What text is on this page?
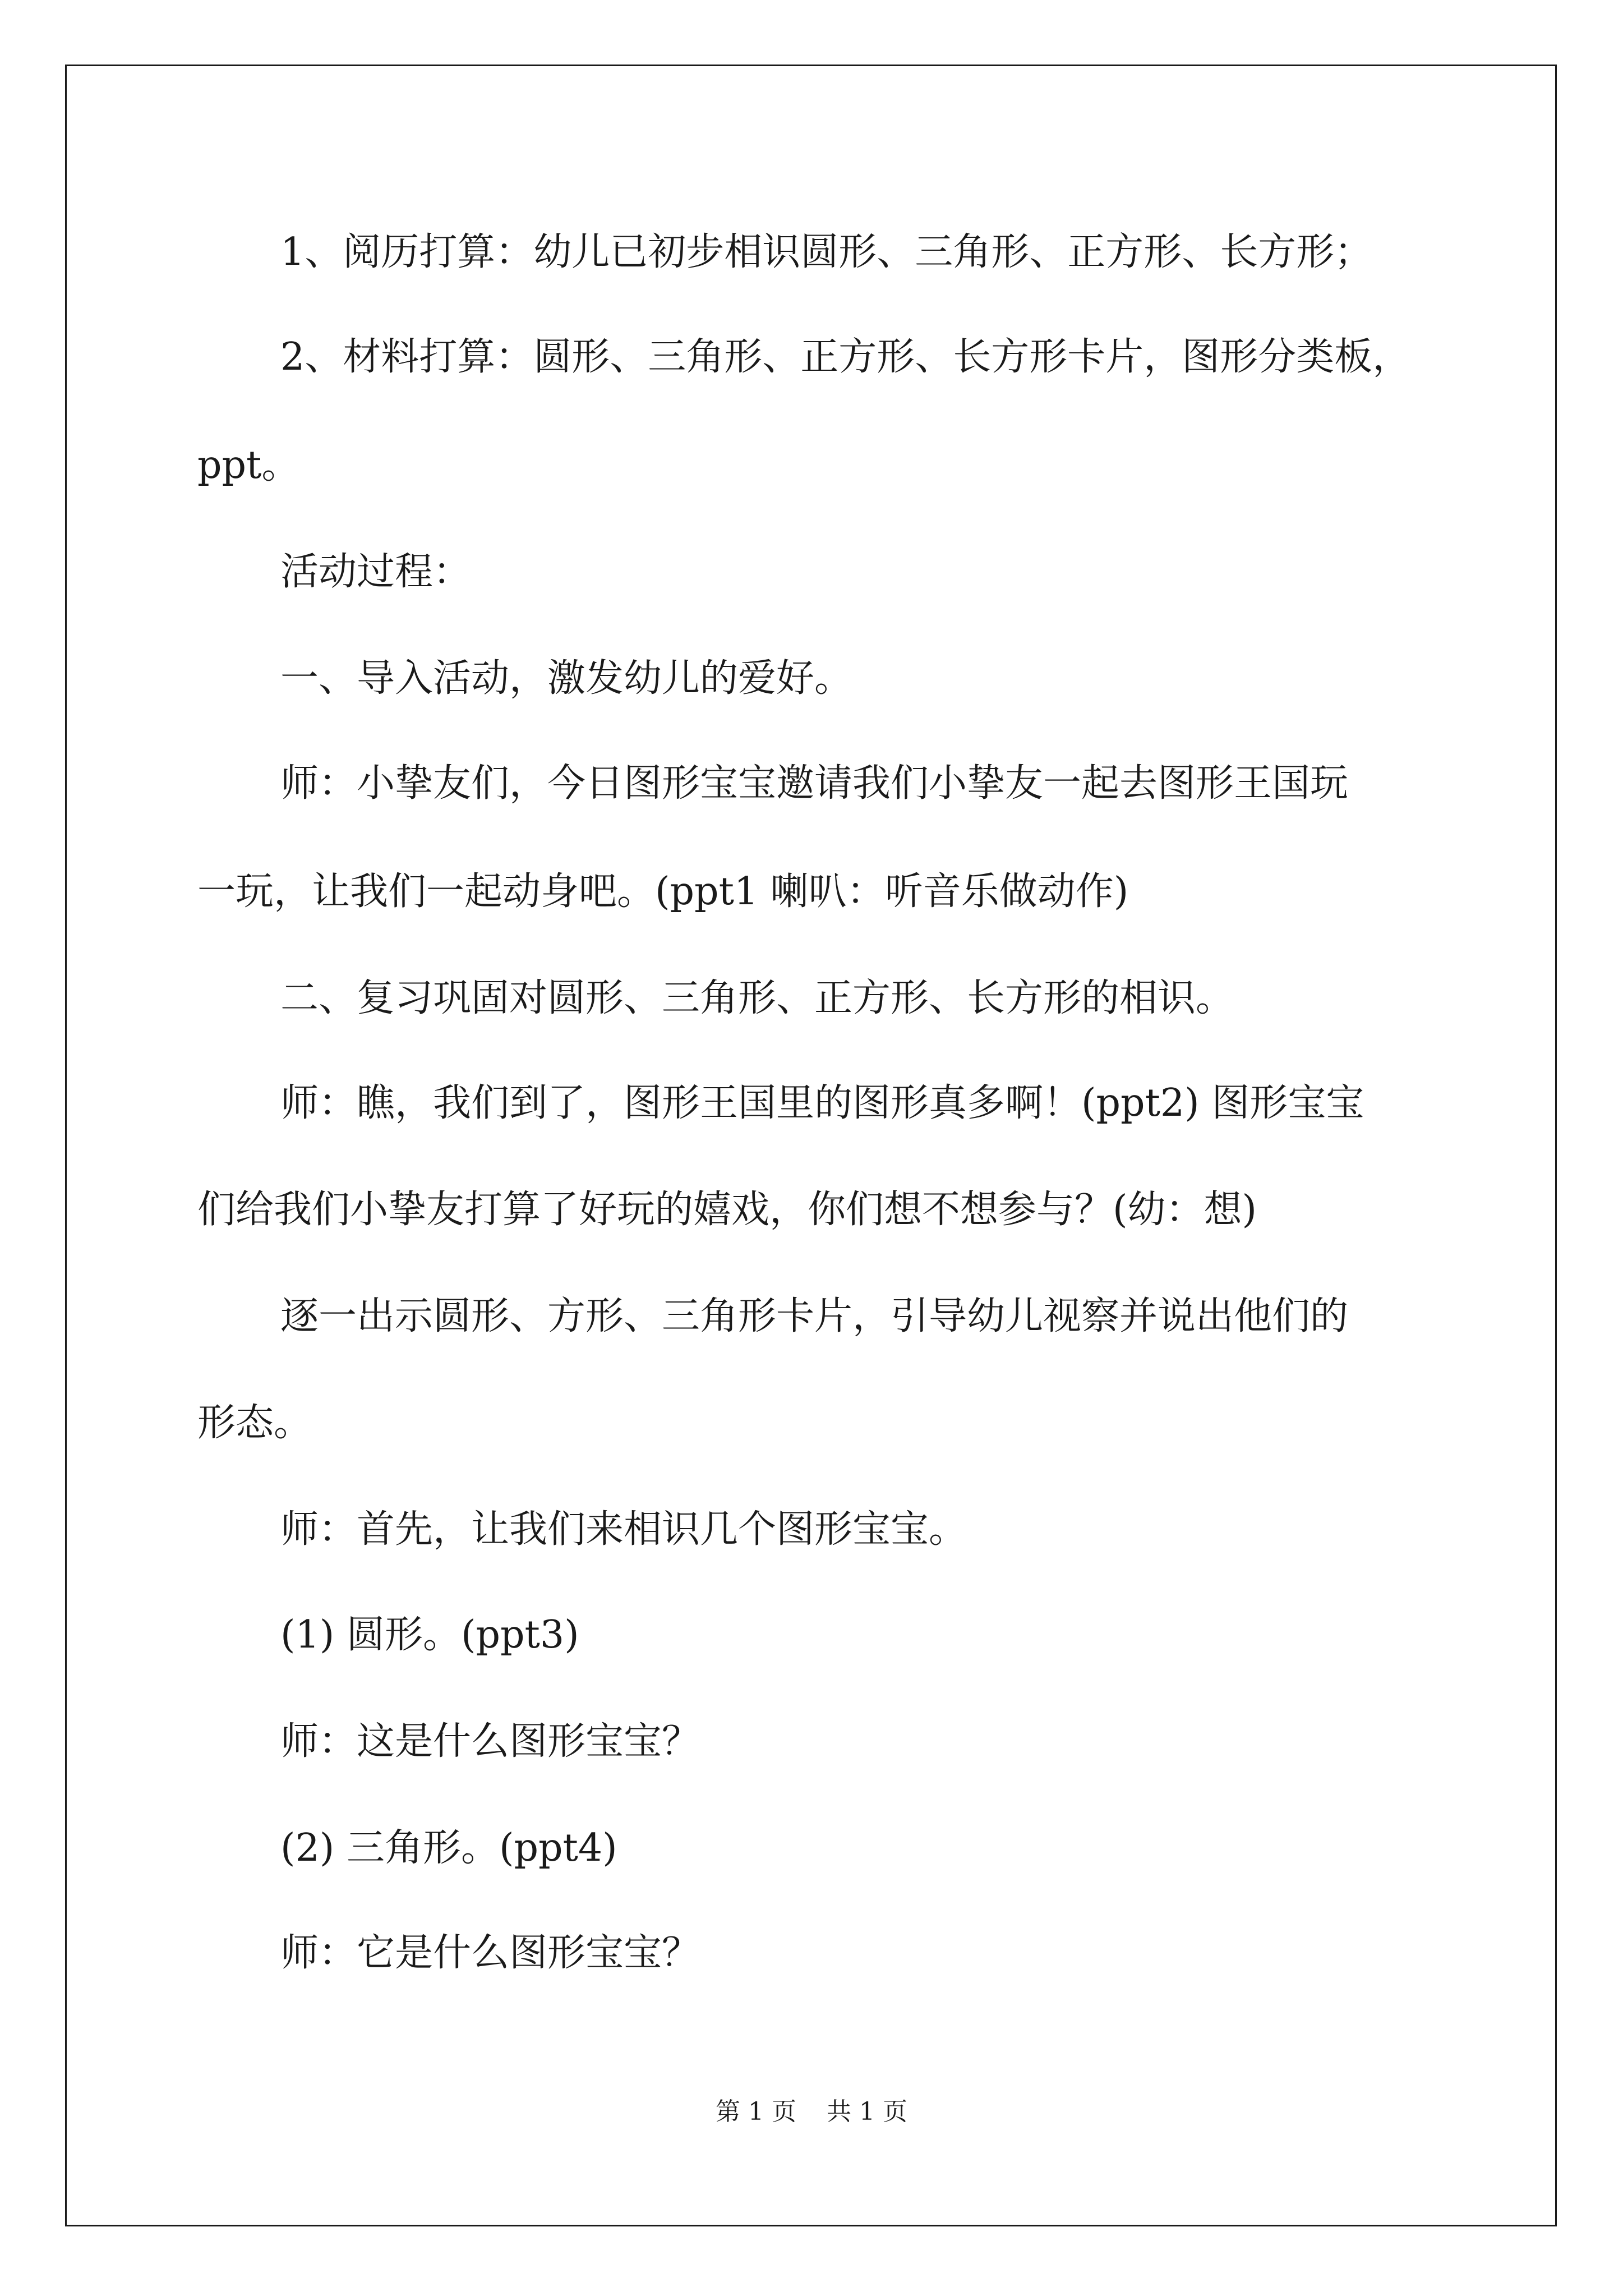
1、阅历打算：幼儿已初步相识圆形、三角形、正方形、长方形；
2、材料打算：圆形、三角形、正方形、长方形卡片，图形分类板，
ppt。
活动过程：
一、导入活动，激发幼儿的爱好。
师：小挚友们，今日图形宝宝邀请我们小挚友一起去图形王国玩
一玩，让我们一起动身吧。(ppt1 喇叭：听音乐做动作)
二、复习巩固对圆形、三角形、正方形、长方形的相识。
师：瞧，我们到了，图形王国里的图形真多啊！(ppt2) 图形宝宝
们给我们小挚友打算了好玩的嬉戏，你们想不想参与？(幼：想)
逐一出示圆形、方形、三角形卡片，引导幼儿视察并说出他们的
形态。
师：首先，让我们来相识几个图形宝宝。
(1) 圆形。(ppt3)
师：这是什么图形宝宝？
(2) 三角形。(ppt4)
师：它是什么图形宝宝？
第 1 页 共 1 页
